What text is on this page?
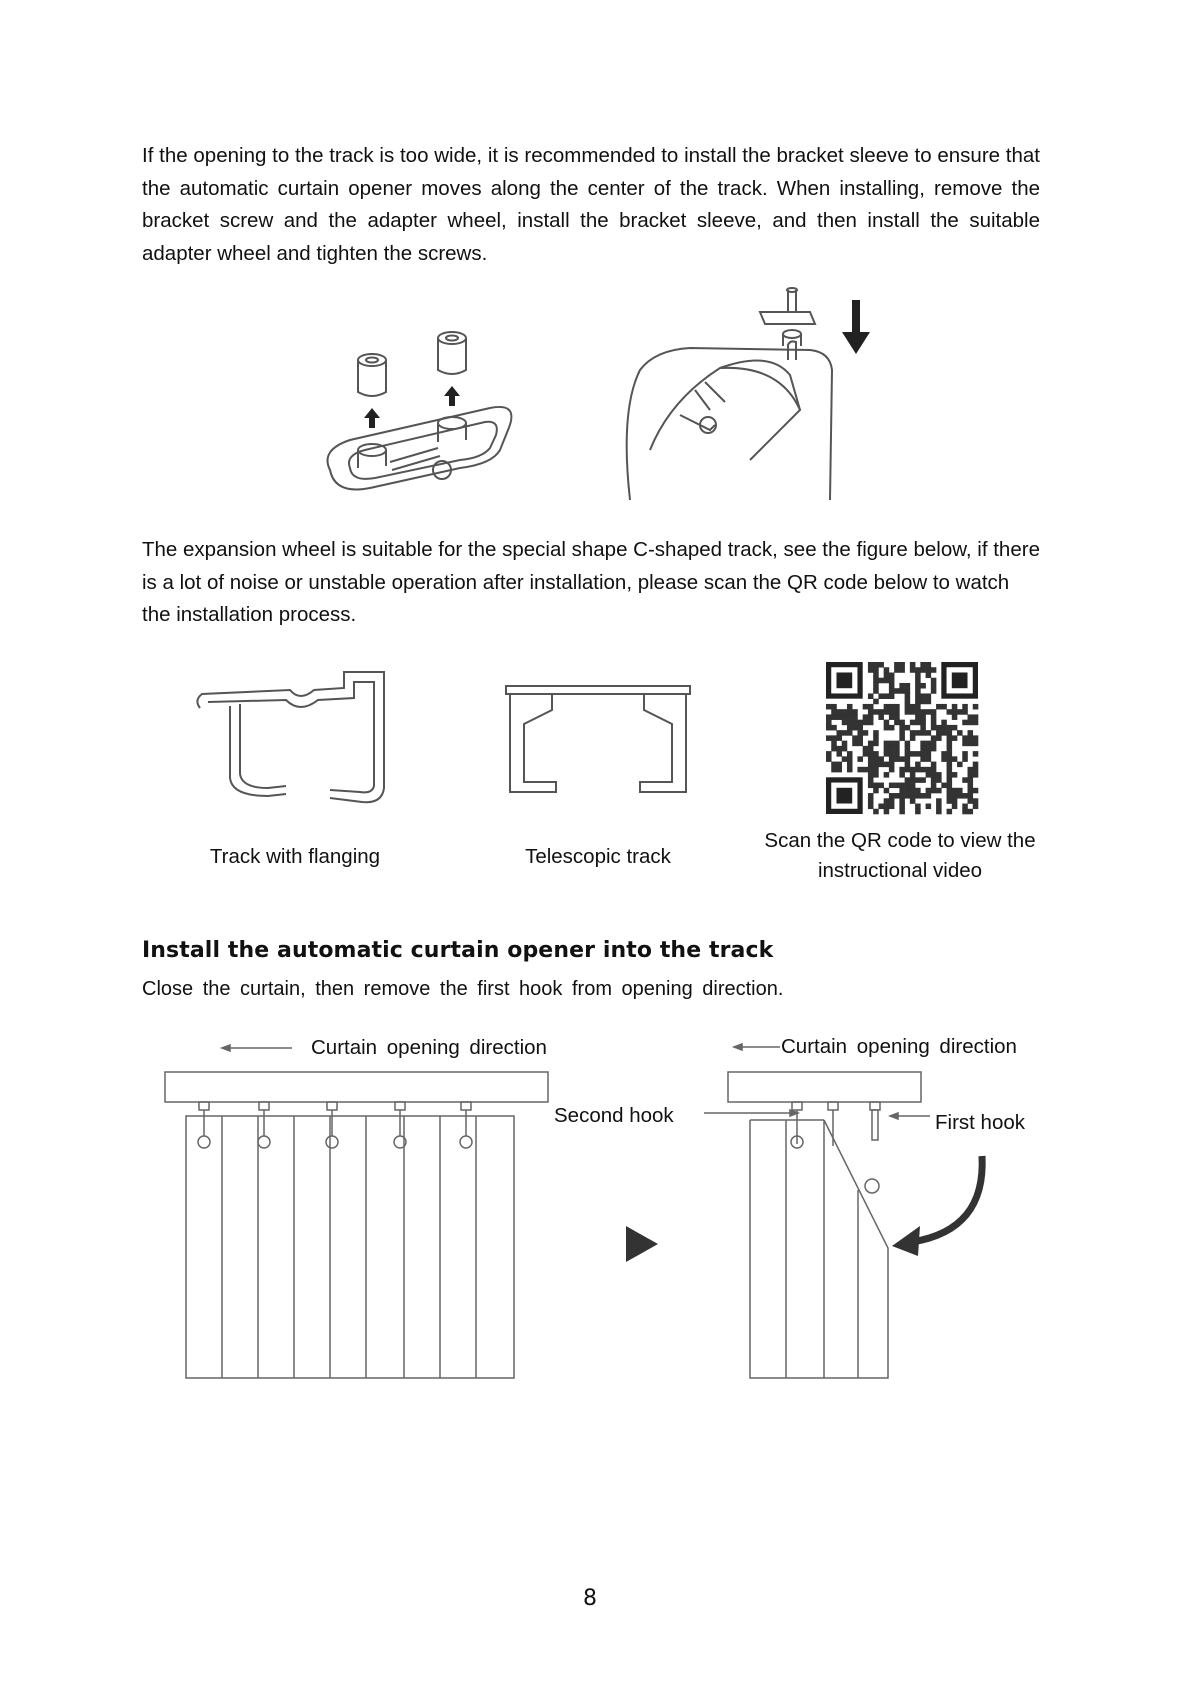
If the opening to the track is too wide, it is recommended to install the bracket sleeve to ensure that the automatic curtain opener moves along the center of the track. When installing, remove the bracket screw and the adapter wheel, install the bracket sleeve, and then install the suitable adapter wheel and tighten the screws.

The expansion wheel is suitable for the special shape C-shaped track, see the figure below, if there is a lot of noise or unstable operation after installation, please scan the QR code below to watch the installation process.

Track with flanging	Telescopic track
Scan the QR code to view the instructional video
Install the automatic curtain opener into the track

Close the curtain, then remove the first hook from opening direction.

Curtain opening direction	Curtain opening direction
Second hook	First hook
8
